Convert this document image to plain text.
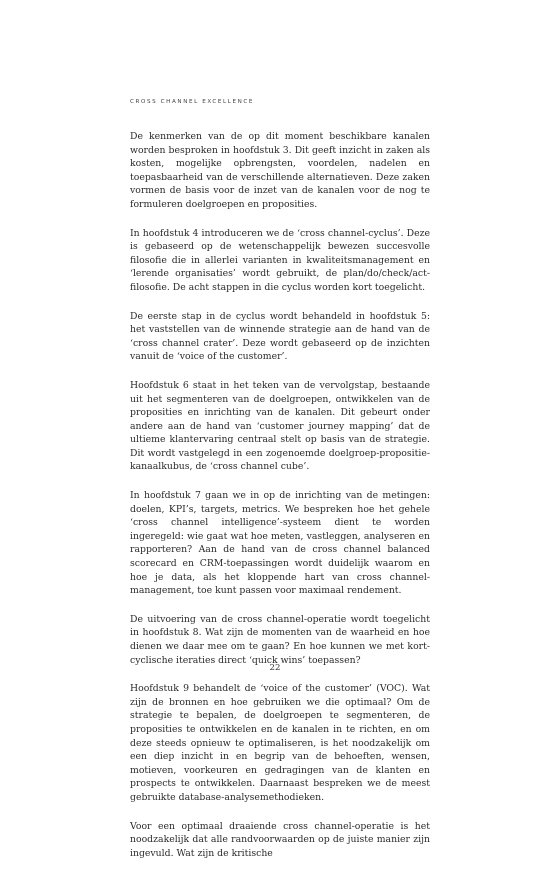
CROSS CHANNEL EXCELLENCE

De kenmerken van de op dit moment beschikbare kanalen worden besproken in hoofdstuk 3. Dit geeft inzicht in zaken als kosten, mogelijke opbrengsten, voordelen, nadelen en toepasbaarheid van de verschillende alternatieven. Deze zaken vormen de basis voor de inzet van de kanalen voor de nog te formuleren doelgroepen en proposities.

In hoofdstuk 4 introduceren we de ‘cross channel-cyclus’. Deze is gebaseerd op de wetenschappelijk bewezen succesvolle filosofie die in allerlei varianten in kwaliteitsmanagement en ‘lerende organisaties’ wordt gebruikt, de plan/do/check/act-filosofie. De acht stappen in die cyclus worden kort toegelicht.

De eerste stap in de cyclus wordt behandeld in hoofdstuk 5: het vaststellen van de winnende strategie aan de hand van de ‘cross channel crater’. Deze wordt gebaseerd op de inzichten vanuit de ‘voice of the customer’.

Hoofdstuk 6 staat in het teken van de vervolgstap, bestaande uit het segmenteren van de doelgroepen, ontwikkelen van de proposities en inrichting van de kanalen. Dit gebeurt onder andere aan de hand van ‘customer journey mapping’ dat de ultieme klantervaring centraal stelt op basis van de strategie. Dit wordt vastgelegd in een zogenoemde doelgroep-propositie-kanaalkubus, de ‘cross channel cube’.

In hoofdstuk 7 gaan we in op de inrichting van de metingen: doelen, KPI’s, targets, metrics. We bespreken hoe het gehele ‘cross channel intelligence’-systeem dient te worden ingeregeld: wie gaat wat hoe meten, vastleggen, analyseren en rapporteren? Aan de hand van de cross channel balanced scorecard en CRM-toepassingen wordt duidelijk waarom en hoe je data, als het kloppende hart van cross channel-management, toe kunt passen voor maximaal rendement.

De uitvoering van de cross channel-operatie wordt toegelicht in hoofdstuk 8. Wat zijn de momenten van de waarheid en hoe dienen we daar mee om te gaan? En hoe kunnen we met kort-cyclische iteraties direct ‘quick wins’ toepassen?

Hoofdstuk 9 behandelt de ‘voice of the customer’ (VOC). Wat zijn de bronnen en hoe gebruiken we die optimaal? Om de strategie te bepalen, de doelgroepen te segmenteren, de proposities te ontwikkelen en de kanalen in te richten, en om deze steeds opnieuw te optimaliseren, is het noodzakelijk om een diep inzicht in en begrip van de behoeften, wensen, motieven, voorkeuren en gedragingen van de klanten en prospects te ontwikkelen. Daarnaast bespreken we de meest gebruikte database-analysemethodieken.

Voor een optimaal draaiende cross channel-operatie is het noodzakelijk dat alle randvoorwaarden op de juiste manier zijn ingevuld. Wat zijn de kritische

22
